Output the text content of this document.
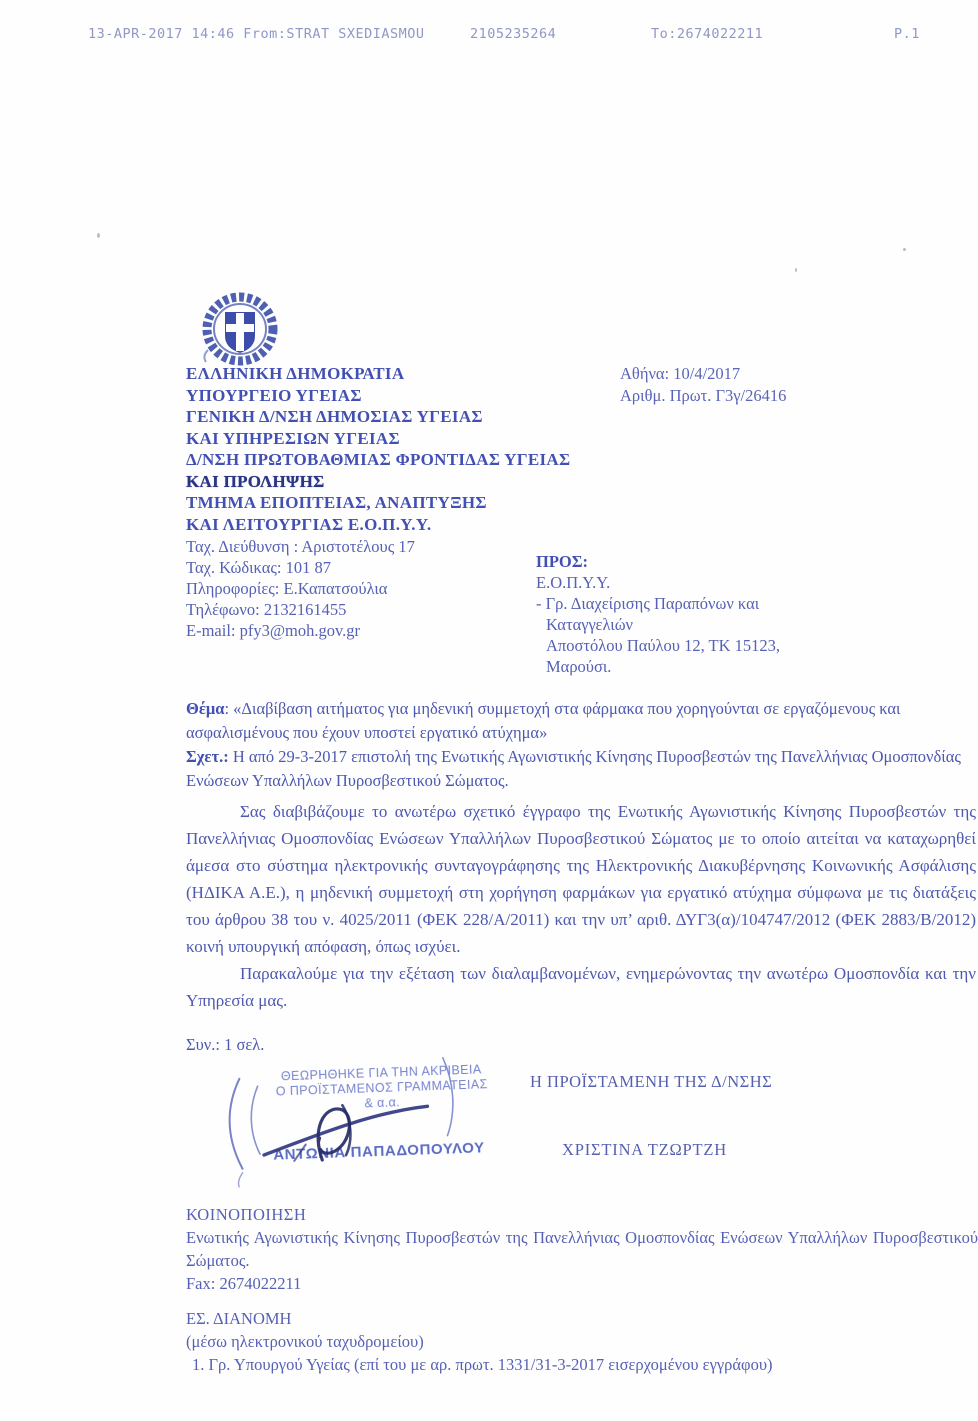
13-APR-2017 14:46 From:STRAT SXEDIASMOU	2105235264	To:2674022211	P.1
ΕΛΛΗΝΙΚΗ ΔΗΜΟΚΡΑΤΙΑ
ΥΠΟΥΡΓΕΙΟ ΥΓΕΙΑΣ
ΓΕΝΙΚΗ Δ/ΝΣΗ ΔΗΜΟΣΙΑΣ ΥΓΕΙΑΣ
ΚΑΙ ΥΠΗΡΕΣΙΩΝ ΥΓΕΙΑΣ
Δ/ΝΣΗ ΠΡΩΤΟΒΑΘΜΙΑΣ ΦΡΟΝΤΙΔΑΣ ΥΓΕΙΑΣ
ΚΑΙ ΠΡΟΛΗΨΗΣ
ΤΜΗΜΑ ΕΠΟΠΤΕΙΑΣ, ΑΝΑΠΤΥΞΗΣ
ΚΑΙ ΛΕΙΤΟΥΡΓΙΑΣ Ε.Ο.Π.Υ.Υ.
Αθήνα: 10/4/2017
Αριθμ. Πρωτ. Γ3γ/26416
Ταχ. Διεύθυνση : Αριστοτέλους 17
Ταχ. Κώδικας: 101 87
Πληροφορίες: Ε.Καπατσούλια
Τηλέφωνο: 2132161455
E-mail: pfy3@moh.gov.gr
ΠΡΟΣ:
Ε.Ο.Π.Υ.Υ.
- Γρ. Διαχείρισης Παραπόνων και
Καταγγελιών
Αποστόλου Παύλου 12, ΤΚ 15123,
Μαρούσι.
Θέμα: «Διαβίβαση αιτήματος για μηδενική συμμετοχή στα φάρμακα που χορηγούνται σε εργαζόμενους και ασφαλισμένους που έχουν υποστεί εργατικό ατύχημα»
Σχετ.: Η από 29-3-2017 επιστολή της Ενωτικής Αγωνιστικής Κίνησης Πυροσβεστών της Πανελλήνιας Ομοσπονδίας Ενώσεων Υπαλλήλων Πυροσβεστικού Σώματος.

Σας διαβιβάζουμε το ανωτέρω σχετικό έγγραφο της Ενωτικής Αγωνιστικής Κίνησης Πυροσβεστών της Πανελλήνιας Ομοσπονδίας Ενώσεων Υπαλλήλων Πυροσβεστικού Σώματος με το οποίο αιτείται να καταχωρηθεί άμεσα στο σύστημα ηλεκτρονικής συνταγογράφησης της Ηλεκτρονικής Διακυβέρνησης Κοινωνικής Ασφάλισης (ΗΔΙΚΑ Α.Ε.), η μηδενική συμμετοχή στη χορήγηση φαρμάκων για εργατικό ατύχημα σύμφωνα με τις διατάξεις του άρθρου 38 του ν. 4025/2011 (ΦΕΚ 228/Α/2011) και την υπ’ αριθ. ΔΥΓ3(α)/104747/2012 (ΦΕΚ 2883/Β/2012) κοινή υπουργική απόφαση, όπως ισχύει.

Παρακαλούμε για την εξέταση των διαλαμβανομένων, ενημερώνοντας την ανωτέρω Ομοσπονδία και την Υπηρεσία μας.

Συν.: 1 σελ.
ΘΕΩΡΗΘΗΚΕ ΓΙΑ ΤΗΝ ΑΚΡΙΒΕΙΑ
Ο ΠΡΟΪΣΤΑΜΕΝΟΣ ΓΡΑΜΜΑΤΕΙΑΣ
& α.α.
ΑΝΤΩΝΙΑ ΠΑΠΑΔΟΠΟΥΛΟΥ
Η ΠΡΟΪΣΤΑΜΕΝΗ ΤΗΣ Δ/ΝΣΗΣ
ΧΡΙΣΤΙΝΑ ΤΖΩΡΤΖΗ
ΚΟΙΝΟΠΟΙΗΣΗ
Ενωτικής Αγωνιστικής Κίνησης Πυροσβεστών της Πανελλήνιας Ομοσπονδίας Ενώσεων Υπαλλήλων Πυροσβεστικού Σώματος.
Fax: 2674022211
ΕΣ. ΔΙΑΝΟΜΗ
(μέσω ηλεκτρονικού ταχυδρομείου)
1. Γρ. Υπουργού Υγείας (επί του με αρ. πρωτ. 1331/31-3-2017 εισερχομένου εγγράφου)
